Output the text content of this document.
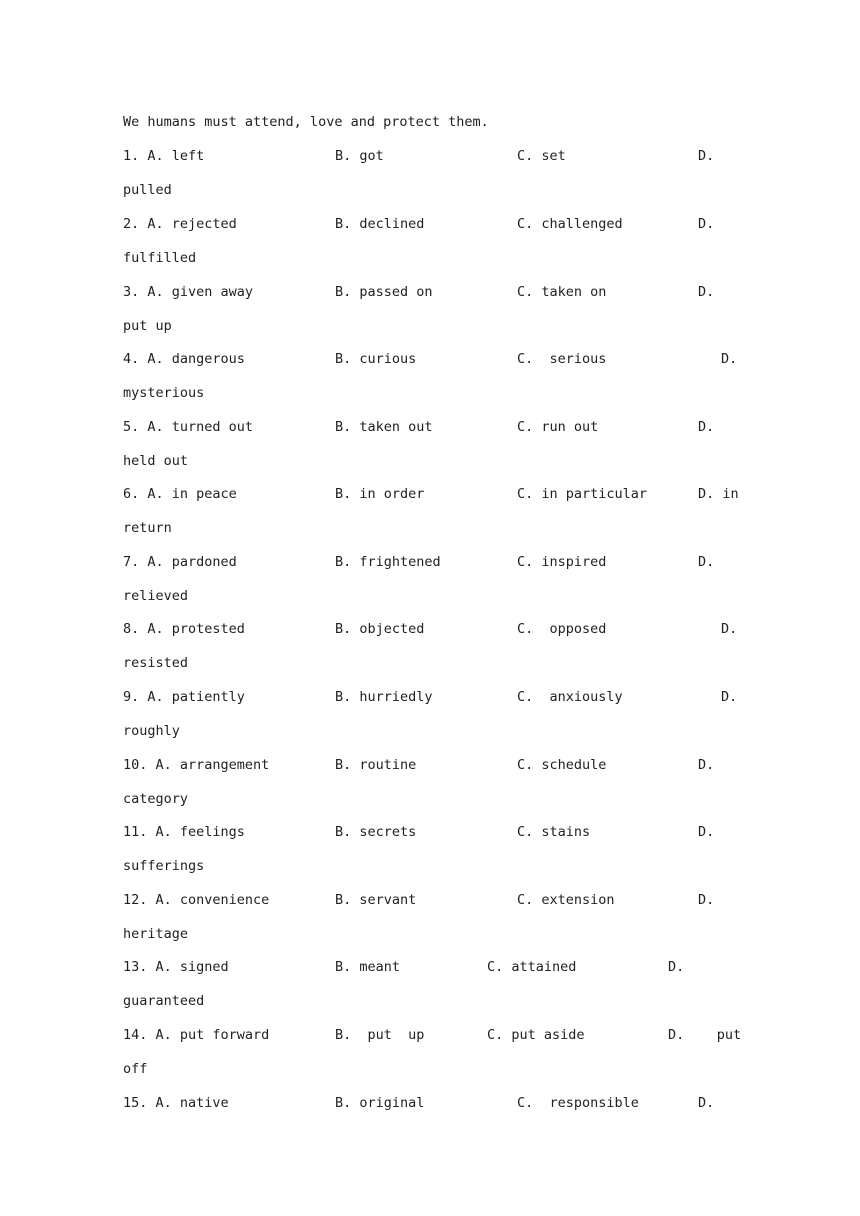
We humans must attend, love and protect them.
1. A. left	B. got	C. set	D.
pulled
2. A. rejected	B. declined	C. challenged	D.
fulfilled
3. A. given away	B. passed on	C. taken on	D.
put up
4. A. dangerous	B. curious	C.  serious	D.
mysterious
5. A. turned out	B. taken out	C. run out	D.
held out
6. A. in peace	B. in order	C. in particular	D. in
return
7. A. pardoned	B. frightened	C. inspired	D.
relieved
8. A. protested	B. objected	C.  opposed	D.
resisted
9. A. patiently	B. hurriedly	C.  anxiously	D.
roughly
10. A. arrangement	B. routine	C. schedule	D.
category
11. A. feelings	B. secrets	C. stains	D.
sufferings
12. A. convenience	B. servant	C. extension	D.
heritage
13. A. signed	B. meant	C. attained	D.
guaranteed
14. A. put forward	B.  put  up	C. put aside	D.    put
off
15. A. native	B. original	C.  responsible	D.
